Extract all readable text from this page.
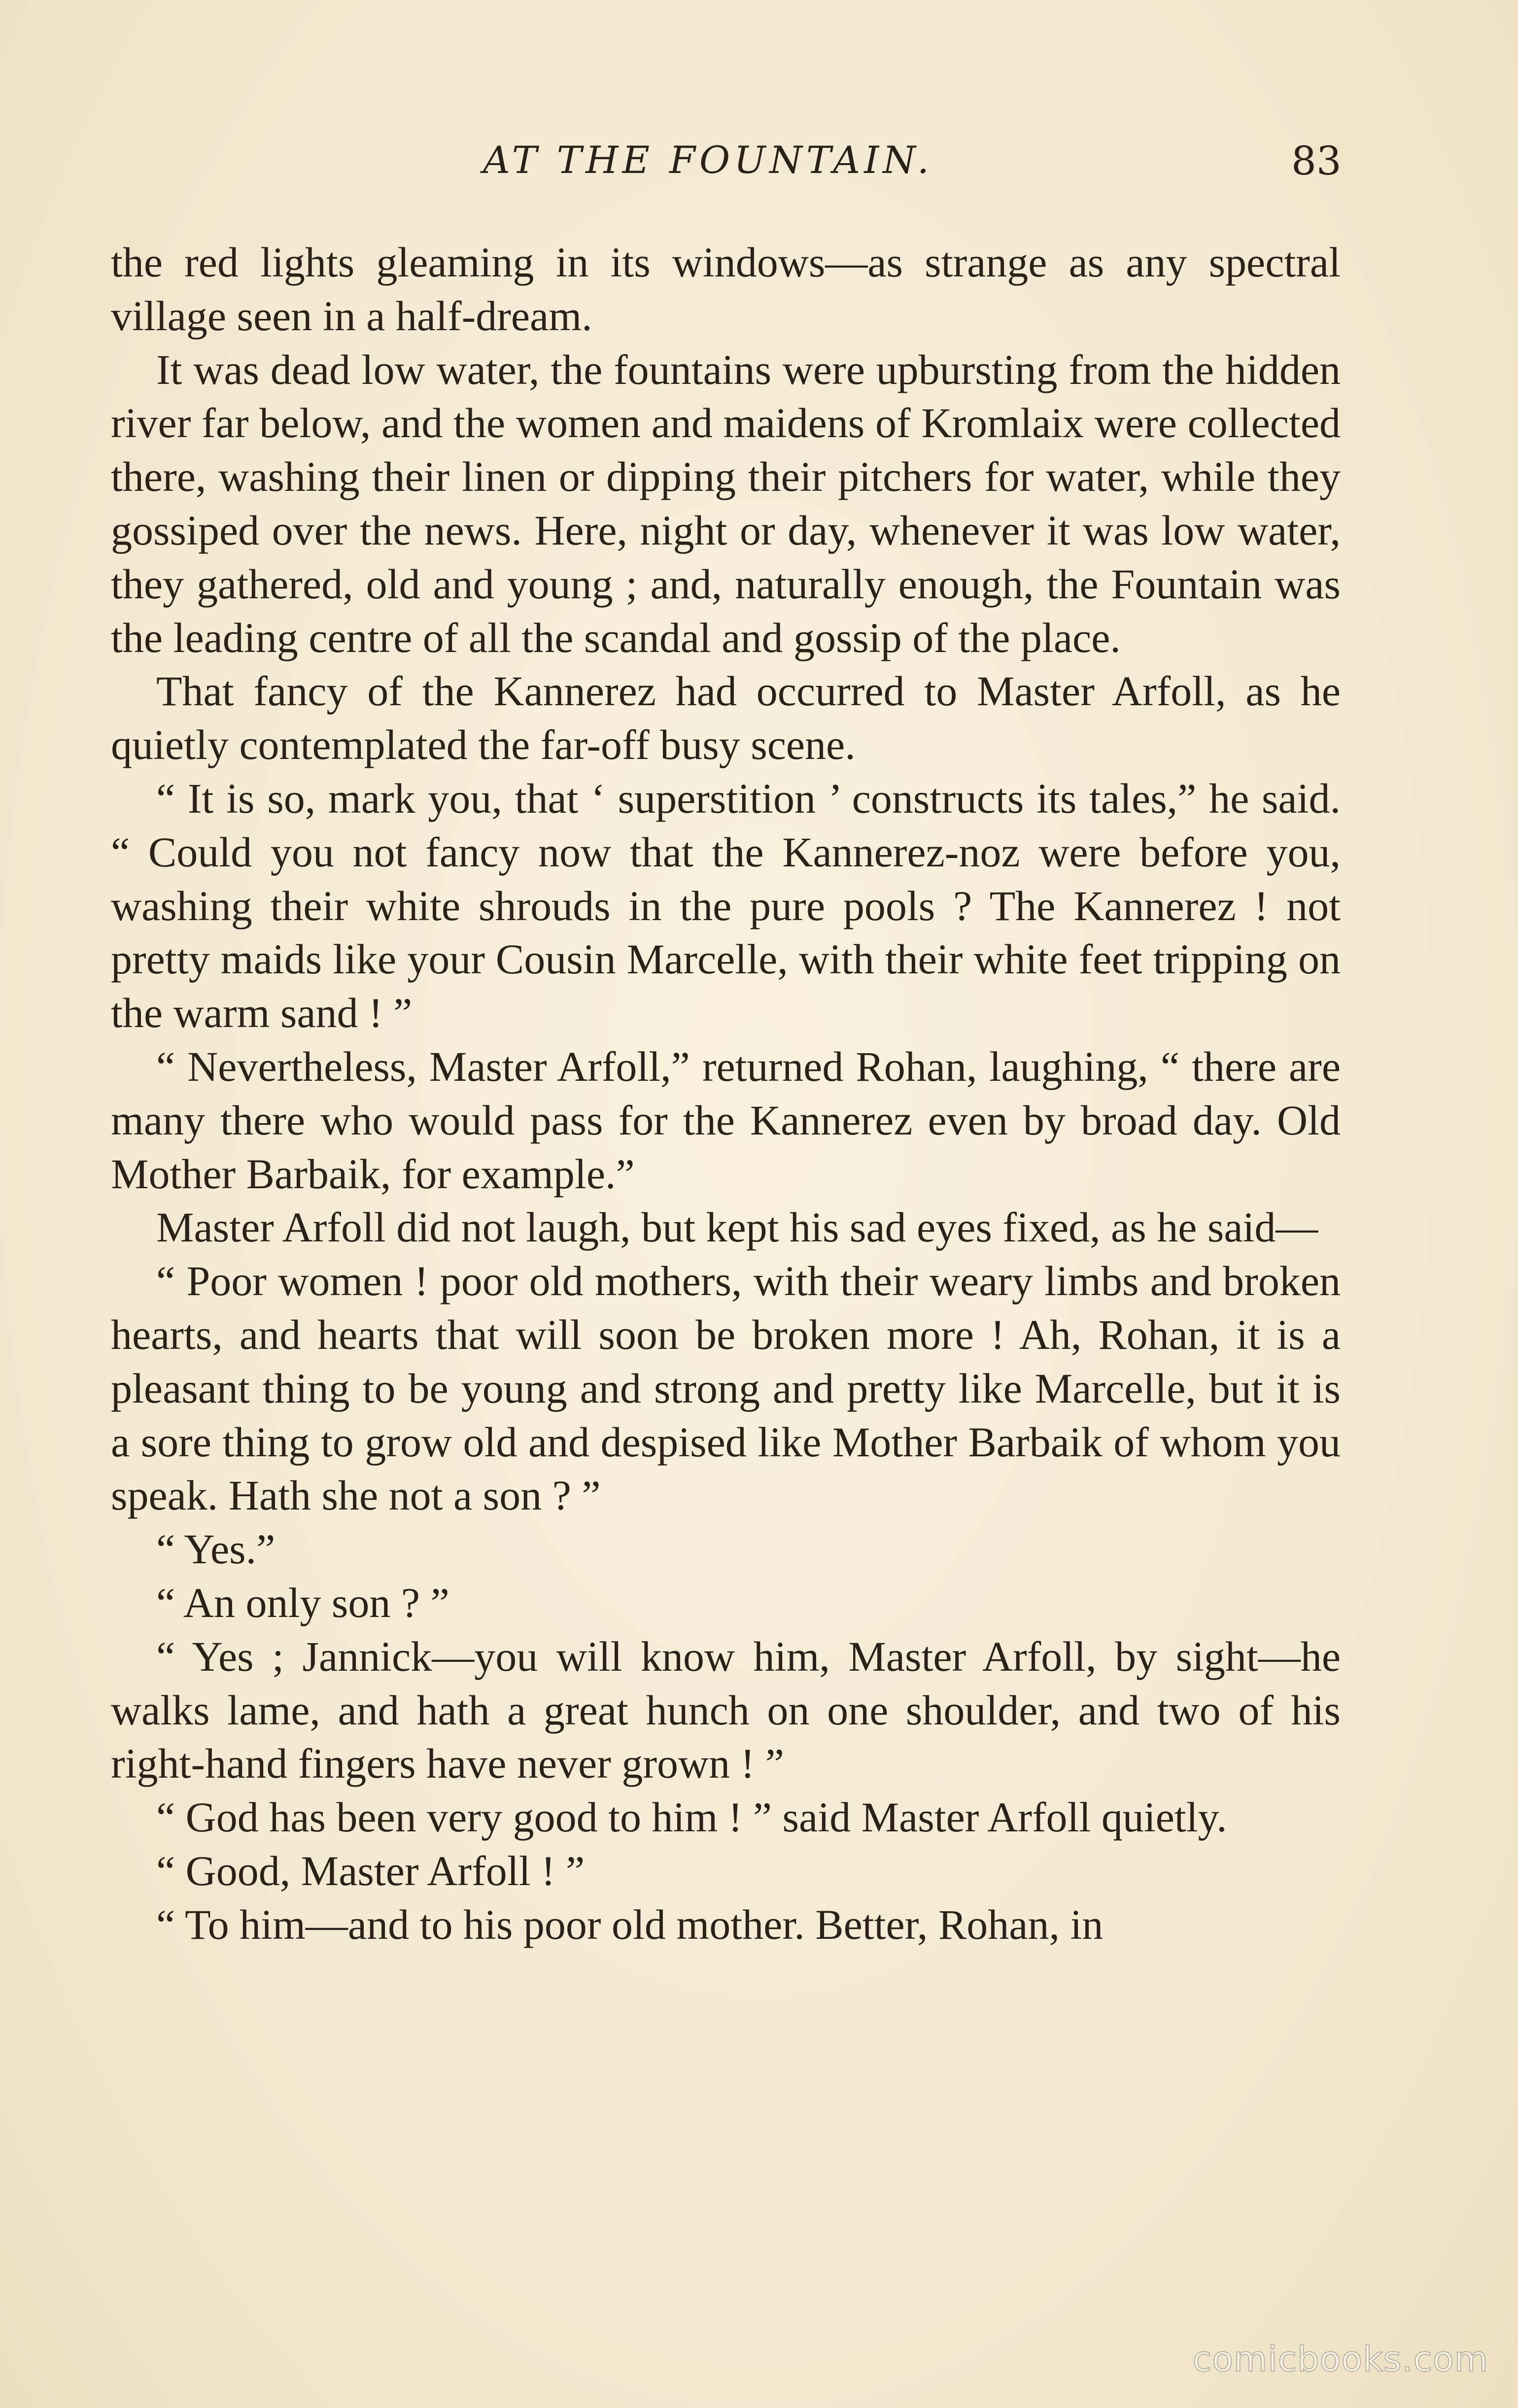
AT THE FOUNTAIN.	83

the red lights gleaming in its windows—as strange as any spectral village seen in a half-dream.

It was dead low water, the fountains were upbursting from the hidden river far below, and the women and maidens of Kromlaix were collected there, washing their linen or dipping their pitchers for water, while they gossiped over the news. Here, night or day, whenever it was low water, they gathered, old and young ; and, naturally enough, the Fountain was the leading centre of all the scandal and gossip of the place.

That fancy of the Kannerez had occurred to Master Arfoll, as he quietly contemplated the far-off busy scene.

“ It is so, mark you, that ‘ superstition ’ constructs its tales,” he said. “ Could you not fancy now that the Kannerez-noz were before you, washing their white shrouds in the pure pools ? The Kannerez ! not pretty maids like your Cousin Marcelle, with their white feet tripping on the warm sand ! ”

“ Nevertheless, Master Arfoll,” returned Rohan, laughing, “ there are many there who would pass for the Kannerez even by broad day. Old Mother Barbaik, for example.”

Master Arfoll did not laugh, but kept his sad eyes fixed, as he said—

“ Poor women ! poor old mothers, with their weary limbs and broken hearts, and hearts that will soon be broken more ! Ah, Rohan, it is a pleasant thing to be young and strong and pretty like Marcelle, but it is a sore thing to grow old and despised like Mother Barbaik of whom you speak. Hath she not a son ? ”

“ Yes.”

“ An only son ? ”

“ Yes ; Jannick—you will know him, Master Arfoll, by sight—he walks lame, and hath a great hunch on one shoulder, and two of his right-hand fingers have never grown ! ”

“ God has been very good to him ! ” said Master Arfoll quietly.

“ Good, Master Arfoll ! ”

“ To him—and to his poor old mother. Better, Rohan, in

comicbooks.com
